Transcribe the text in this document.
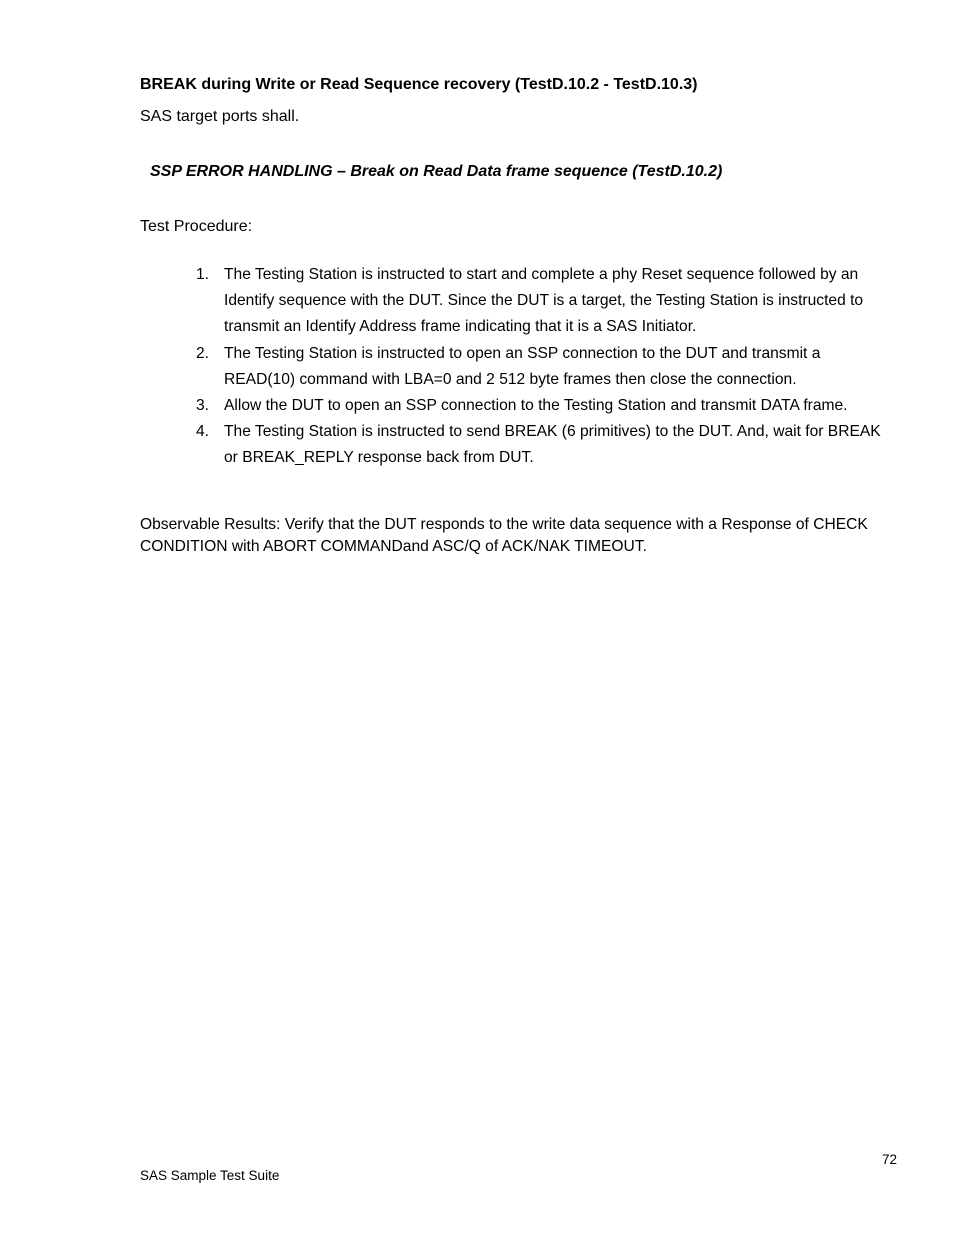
BREAK during Write or Read Sequence recovery (TestD.10.2 - TestD.10.3)
SAS target ports shall.
SSP ERROR HANDLING – Break on Read Data frame sequence (TestD.10.2)
Test Procedure:
1. The Testing Station is instructed to start and complete a phy Reset sequence followed by an Identify sequence with the DUT. Since the DUT is a target, the Testing Station is instructed to transmit an Identify Address frame indicating that it is a SAS Initiator.
2. The Testing Station is instructed to open an SSP connection to the DUT and transmit a READ(10) command with LBA=0 and 2 512 byte frames then close the connection.
3. Allow the DUT to open an SSP connection to the Testing Station and transmit DATA frame.
4. The Testing Station is instructed to send BREAK (6 primitives) to the DUT. And, wait for BREAK or BREAK_REPLY response back from DUT.
Observable Results: Verify that the DUT responds to the write data sequence with a Response of CHECK CONDITION with ABORT COMMANDand ASC/Q of ACK/NAK TIMEOUT.
72
SAS Sample Test Suite
